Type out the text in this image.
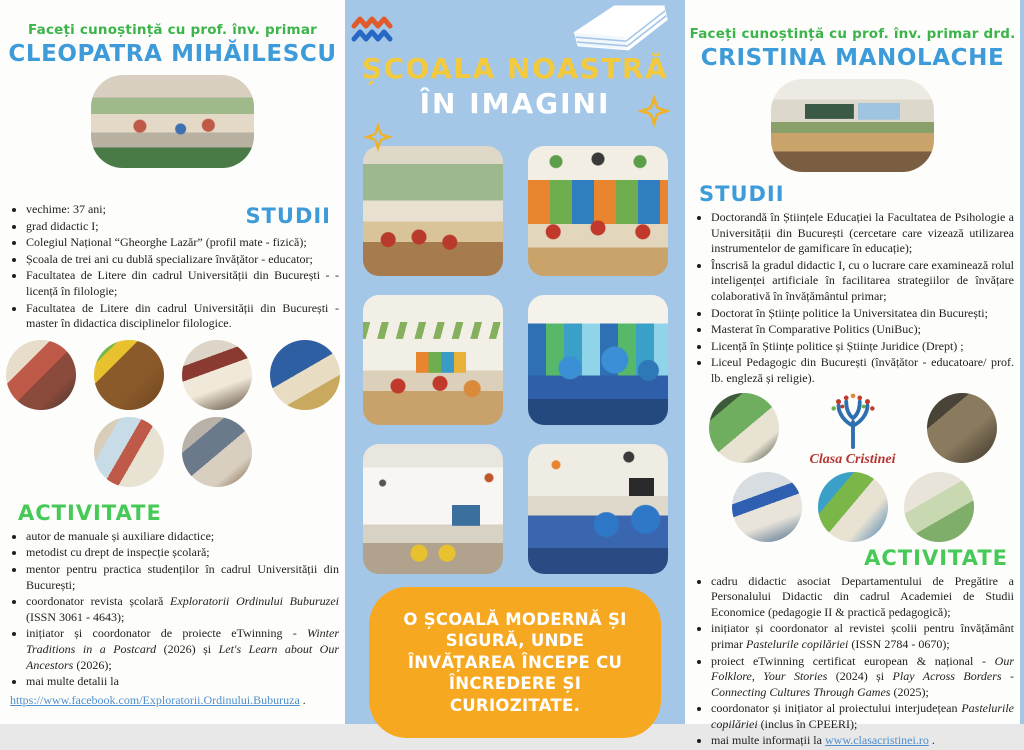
Faceți cunoștință cu prof. înv. primar
CLEOPATRA MIHĂILESCU
STUDII
• vechime: 37 ani;
• grad didactic I;
• Colegiul Național “Gheorghe Lazăr” (profil mate - fizică);
• Școala de trei ani cu dublă specializare învățător - educator;
• Facultatea de Litere din cadrul Universității din București - - licență în filologie;
• Facultatea de Litere din cadrul Universității din București - master în didactica disciplinelor filologice.
ACTIVITATE
• autor de manuale și auxiliare didactice;
• metodist cu drept de inspecție școlară;
• mentor pentru practica studenților în cadrul Universității din București;
• coordonator revista școlară Exploratorii Ordinului Buburuzei (ISSN 3061 - 4643);
• inițiator și coordonator de proiecte eTwinning - Winter Traditions in a Postcard (2026) și Let's Learn about Our Ancestors (2026);
• mai multe detalii la
https://www.facebook.com/Exploratorii.Ordinului.Buburuza .
ȘCOALA NOASTRĂ
ÎN IMAGINI
O ȘCOALĂ MODERNĂ ȘI SIGURĂ, UNDE ÎNVĂȚAREA ÎNCEPE CU ÎNCREDERE ȘI CURIOZITATE.
Faceți cunoștință cu prof. înv. primar drd.
CRISTINA MANOLACHE
STUDII
• Doctorandă în Științele Educației la Facultatea de Psihologie a Universității din București (cercetare care vizează utilizarea instrumentelor de gamificare în educație);
• Înscrisă la gradul didactic I, cu o lucrare care examinează rolul inteligenței artificiale în facilitarea strategiilor de învățare colaborativă în învățământul primar;
• Doctorat în Științe politice la Universitatea din București;
• Masterat în Comparative Politics (UniBuc);
• Licență în Științe politice și Științe Juridice (Drept) ;
• Liceul Pedagogic din București (învățător - educatoare/ prof. lb. engleză și religie).
Clasa Cristinei
ACTIVITATE
• cadru didactic asociat Departamentului de Pregătire a Personalului Didactic din cadrul Academiei de Studii Economice (pedagogie II & practică pedagogică);
• inițiator și coordonator al revistei școlii pentru învățământ primar Pastelurile copilăriei (ISSN 2784 - 0670);
• proiect eTwinning certificat european & național - Our Folklore, Your Stories (2024) și Play Across Borders - Connecting Cultures Through Games (2025);
• coordonator și inițiator al proiectului interjudețean Pastelurile copilăriei (inclus în CPEERI);
• mai multe informații la www.clasacristinei.ro .
